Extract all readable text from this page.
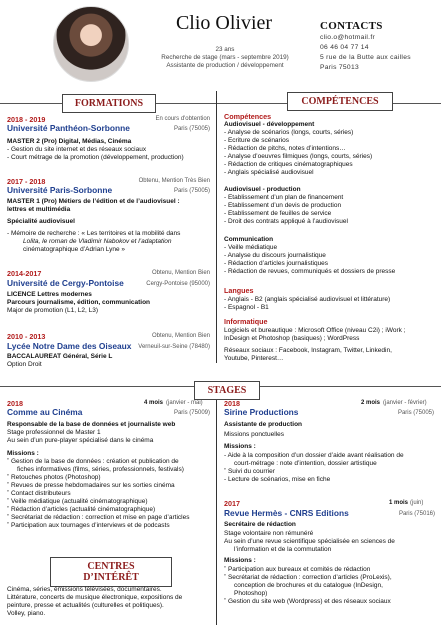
Clio Olivier
23 ans
Recherche de stage (mars - septembre 2019)
Assistante de production / développement
CONTACTS
clio.o@hotmail.fr
06 46 04 77 14
5 rue de la Butte aux cailles
Paris 75013
FORMATIONS	COMPÉTENCES
STAGES
CENTRES D’INTÉRÊT
2018 - 2019	En cours d'obtention
Université Panthéon-Sorbonne	Paris (75005)
MASTER 2 (Pro) Digital, Médias, Cinéma
- Gestion du site internet et des réseaux sociaux
- Court métrage de la promotion (développement, production)
2017 - 2018	Obtenu, Mention Très Bien
Université Paris-Sorbonne	Paris (75005)
MASTER 1 (Pro) Métiers de l’édition et de l’audiovisuel :
lettres et multimédia
Spécialité audiovisuel
- Mémoire de recherche : « Les territoires et la mobilité dans
Lolita, le roman de Vladimir Nabokov et l’adaptation
cinématographique d’Adrian Lyne »
2014-2017	Obtenu, Mention Bien
Université de Cergy-Pontoise	Cergy-Pontoise (95000)
LICENCE Lettres modernes
Parcours journalisme, édition, communication
Major de promotion (L1, L2, L3)
2010 - 2013	Obtenu, Mention Bien
Lycée Notre Dame des Oiseaux	Verneuil-sur-Seine (78480)
BACCALAUREAT Général, Série L
Option Droit
Compétences
Audiovisuel - développement
- Analyse de scénarios (longs, courts, séries)
- Ecriture de scénarios
- Rédaction de pitchs, notes d’intentions…
- Analyse d’oeuvres filmiques (longs, courts, séries)
- Rédaction de critiques cinématographiques
- Anglais spécialisé audiovisuel
Audiovisuel - production
- Etablissement d’un plan de financement
- Etablissement d’un devis de production
- Etablissement de feuilles de service
- Droit des contrats appliqué à l’audiovisuel
Communication
- Veille médiatique
- Analyse du discours journalistique
- Rédaction d’articles journalistiques
- Rédaction de revues, communiqués et dossiers de presse
Langues
- Anglais - B2 (anglais spécialisé audiovisuel et littérature)
- Espagnol - B1
Informatique
Logiciels et bureautique : Microsoft Office (niveau C2i) ; iWork ;
InDesign et Photoshop (basiques) ; WordPress
Réseaux sociaux : Facebook, Instagram, Twitter, Linkedin,
Youtube, Pinterest…
2018	4 mois (janvier - mai)
Comme au Cinéma	Paris (75009)
Responsable de la base de données et journaliste web
Stage professionnel de Master 1
Au sein d’un pure-player spécialisé dans le cinéma
Missions :
˚ Gestion de la base de données : création et publication de
fiches informatives (films, séries, professionnels, festivals)
˚ Retouches photos (Photoshop)
˚ Revues de presse hebdomadaires sur les sorties cinéma
˚ Contact distributeurs
˚ Veille médiatique (actualité cinématographique)
˚ Rédaction d’articles (actualité cinématographique)
˚ Secrétariat de rédaction : correction et mise en page d’articles
˚ Participation aux tournages d’interviews et de podcasts
2018	2 mois (janvier - février)
Sirine Productions	Paris (75005)
Assistante de production
Missions ponctuelles
Missions :
- Aide à la composition d’un dossier d’aide avant réalisation de
court-métrage : note d’intention, dossier artistique
˚ Suivi du courrier
- Lecture de scénarios, mise en fiche
2017	1 mois (juin)
Revue Hermès - CNRS Editions	Paris (75016)
Secrétaire de rédaction
Stage volontaire non rémunéré
Au sein d’une revue scientifique spécialisée en sciences de
l’information et de la commutation
Missions :
˚ Participation aux bureaux et comités de rédaction
˚ Secrétariat de rédaction : correction d’articles (ProLexis),
conception de brochures et du catalogue (InDesign,
Photoshop)
˚ Gestion du site web (Wordpress) et des réseaux sociaux
Cinéma, séries, émissions télévisées, documentaires.
Littérature, concerts de musique électronique, expositions de
peinture, presse et actualités (culturelles et politiques).
Volley, piano.
